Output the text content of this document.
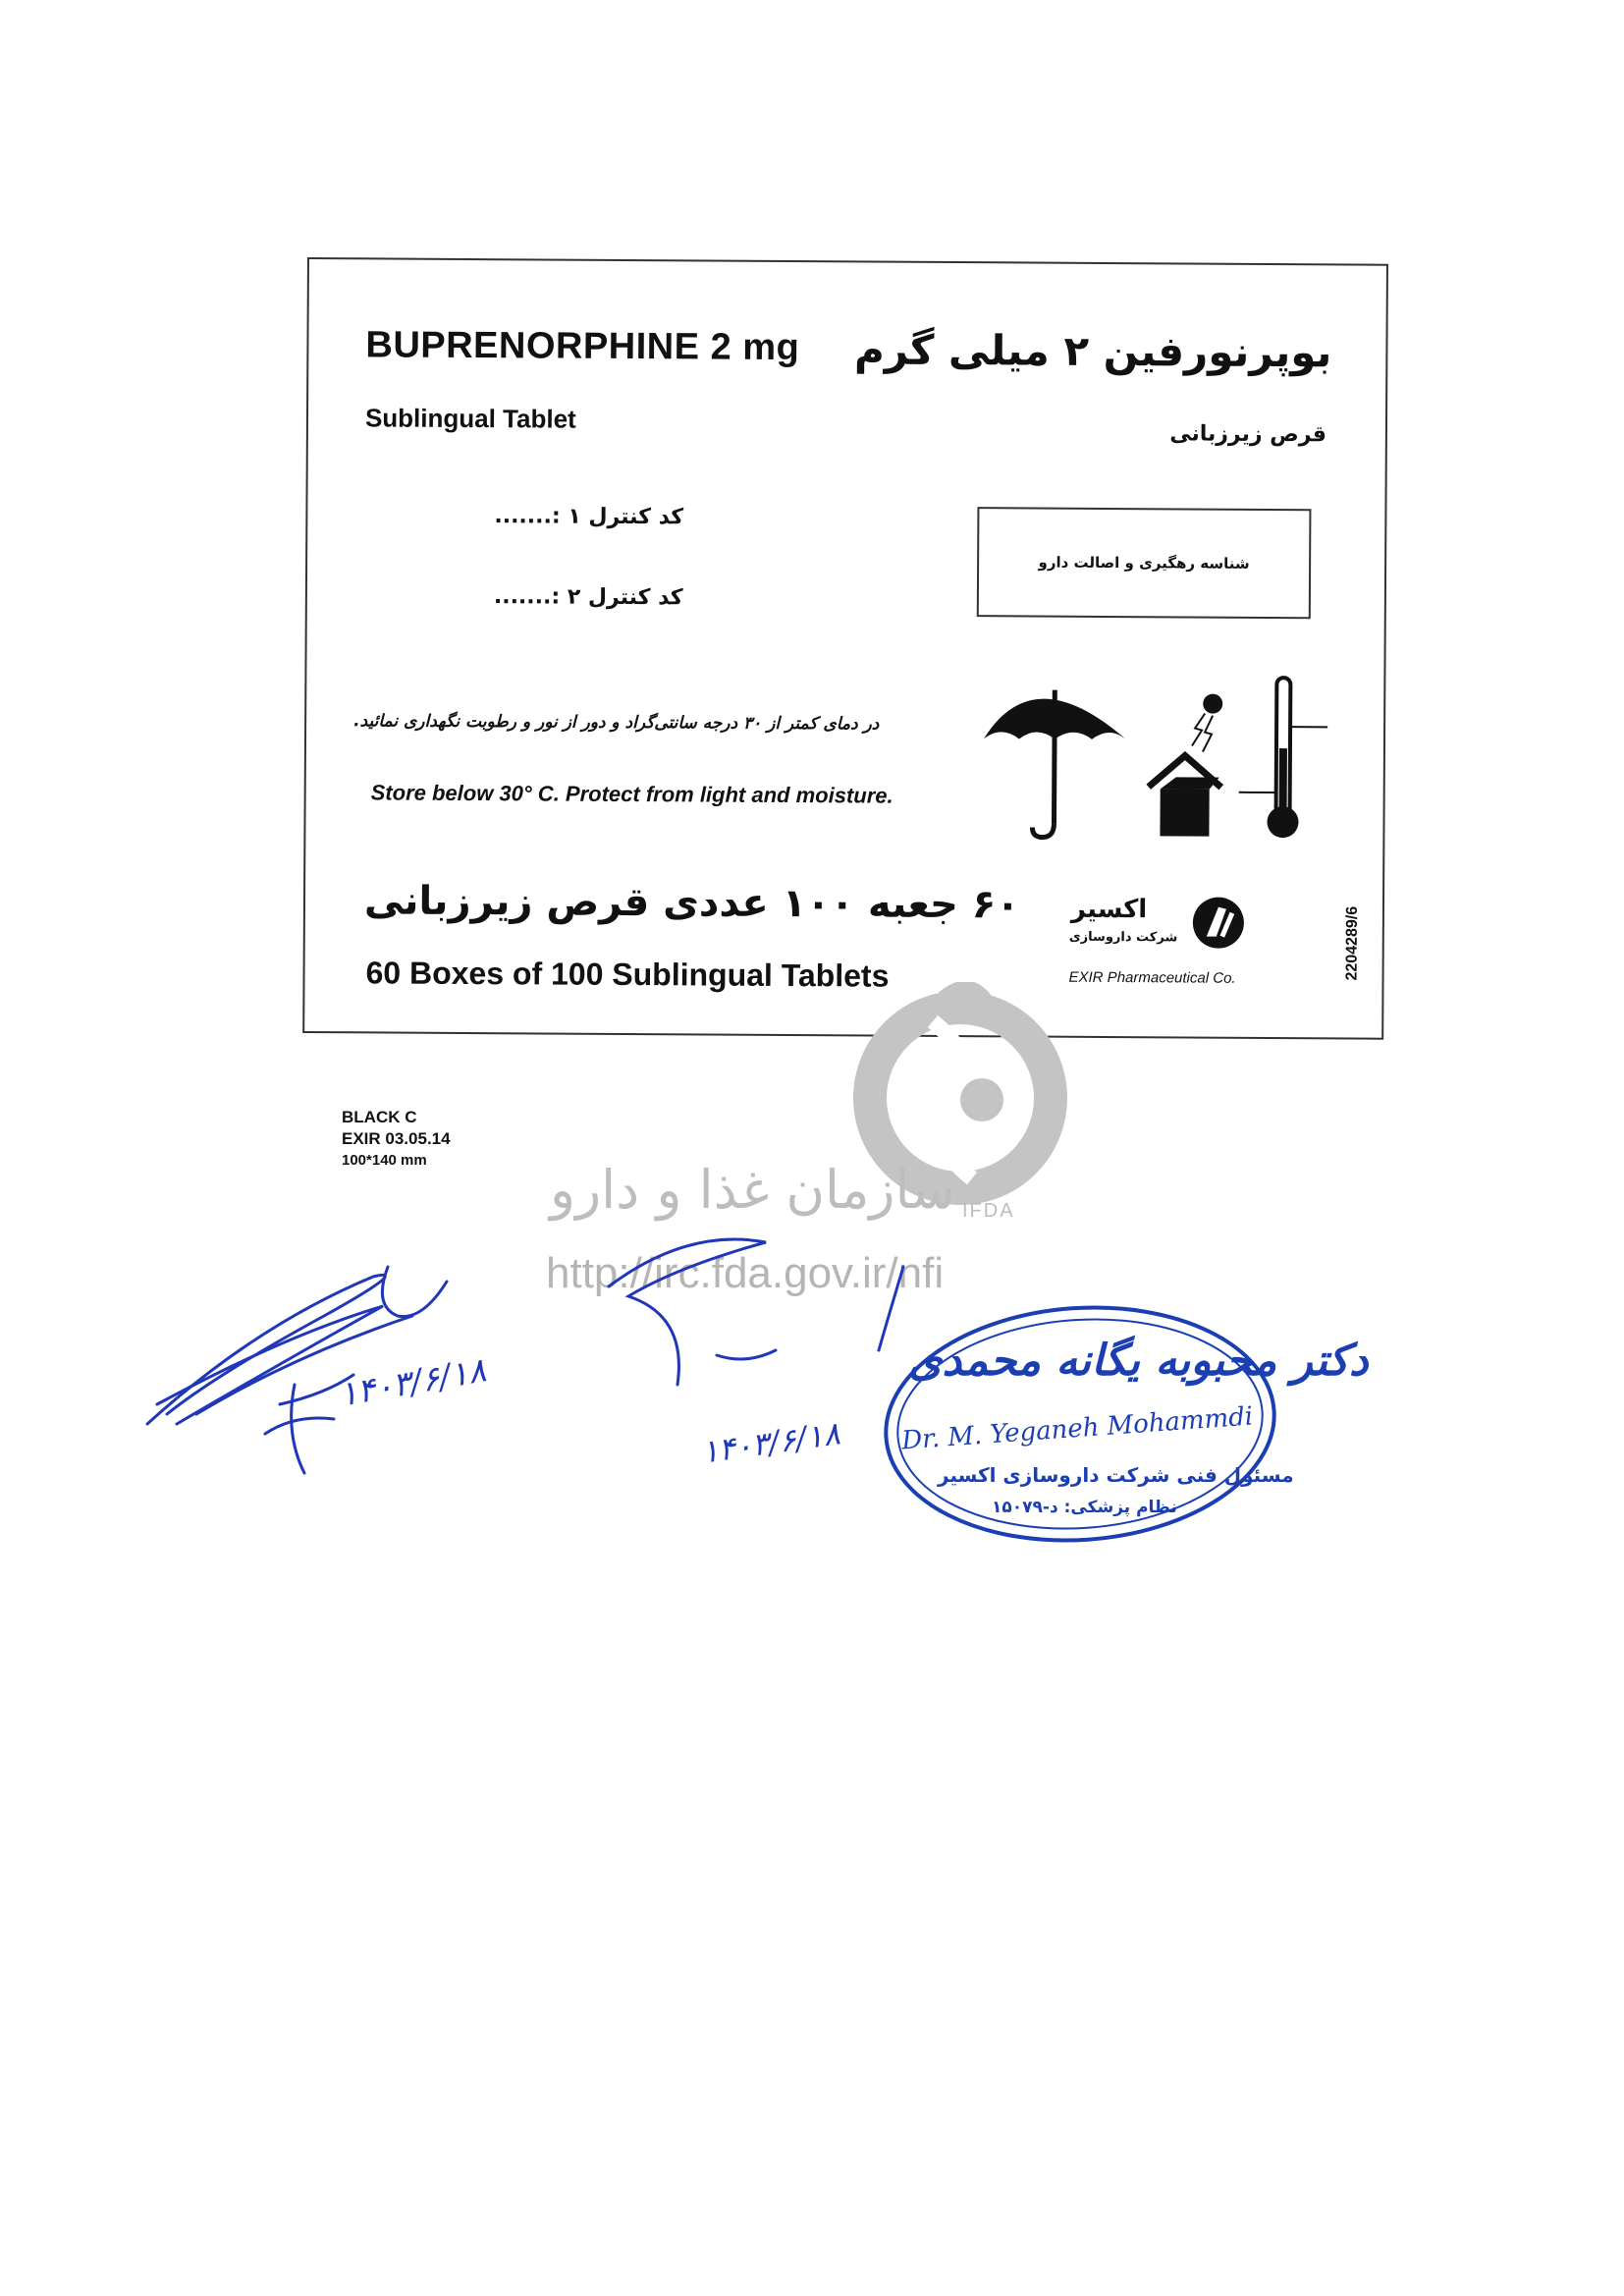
BUPRENORPHINE 2 mg بوپرنورفین ۲ میلی گرم
Sublingual Tablet
قرص زیرزبانی
کد کنترل ۱ :.......
کد کنترل ۲ :.......
شناسه رهگیری و اصالت دارو
در دمای کمتر از ۳۰ درجه سانتی‌گراد و دور از نور و رطوبت نگهداری نمائید.
Store below 30° C. Protect from light and moisture.
۶۰ جعبه ۱۰۰ عددی قرص زیرزبانی
60 Boxes of 100 Sublingual Tablets
اکسیر
شرکت داروسازی
EXIR Pharmaceutical Co.	2204289/6
BLACK C
EXIR 03.05.14
100*140 mm سازمان غذا و دارو IFDA
http://irc.fda.gov.ir/nfi
۱۴۰۳/۶/۱۸
۱۴۰۳/۶/۱۸
دکتر محبوبه یگانه محمدی
Dr. M. Yeganeh Mohammdi
مسئول فنی شرکت داروسازی اکسیر
نظام پزشکی: د-۱۵۰۷۹
